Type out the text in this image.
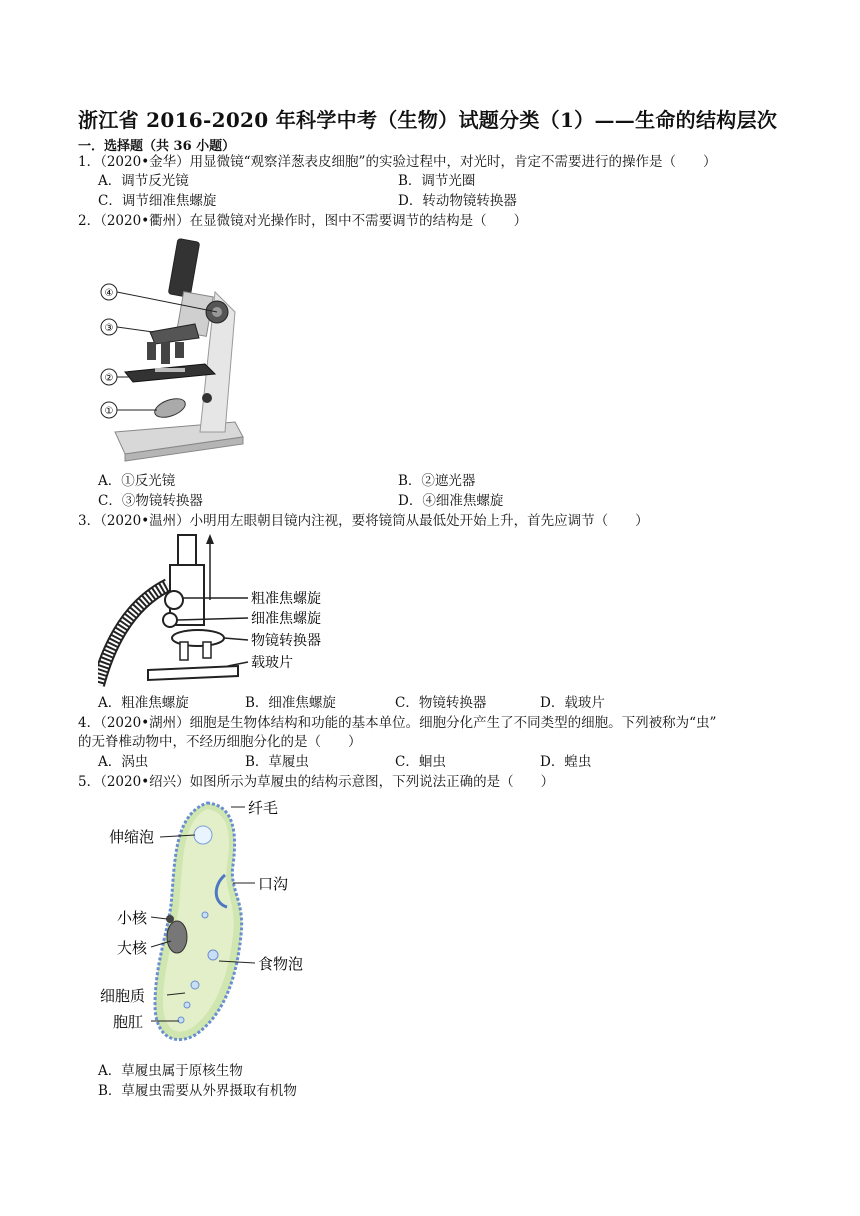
浙江省 2016-2020 年科学中考（生物）试题分类（1）——生命的结构层次
一．选择题（共 36 小题）
1．（2020•金华）用显微镜“观察洋葱表皮细胞”的实验过程中，对光时，肯定不需要进行的操作是（　　）
A．调节反光镜	B．调节光圈
C．调节细准焦螺旋	D．转动物镜转换器
2．（2020•衢州）在显微镜对光操作时，图中不需要调节的结构是（　　）
④
③
②
①
A．①反光镜	B．②遮光器
C．③物镜转换器	D．④细准焦螺旋
3．（2020•温州）小明用左眼朝目镜内注视，要将镜筒从最低处开始上升，首先应调节（　　）
粗准焦螺旋
细准焦螺旋
物镜转换器
载玻片
A．粗准焦螺旋	B．细准焦螺旋	C．物镜转换器	D．载玻片
4．（2020•湖州）细胞是生物体结构和功能的基本单位。细胞分化产生了不同类型的细胞。下列被称为“虫”
的无脊椎动物中，不经历细胞分化的是（　　）
A．涡虫	B．草履虫	C．蛔虫	D．蝗虫
5．（2020•绍兴）如图所示为草履虫的结构示意图，下列说法正确的是（　　）
纤毛
伸缩泡
口沟
小核
大核
食物泡
细胞质
胞肛
A．草履虫属于原核生物
B．草履虫需要从外界摄取有机物
